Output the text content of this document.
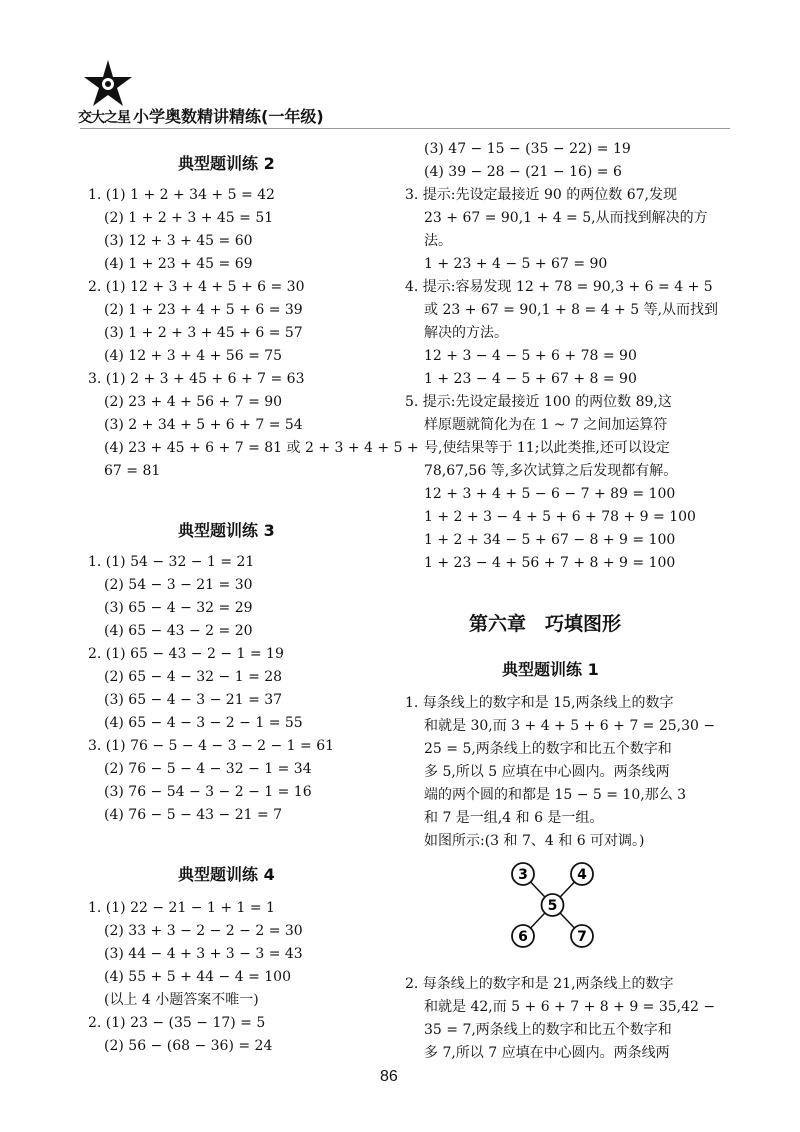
交大之星 小学奥数精讲精练(一年级)
典型题训练 2
1. (1) 1 + 2 + 34 + 5 = 42
(2) 1 + 2 + 3 + 45 = 51
(3) 12 + 3 + 45 = 60
(4) 1 + 23 + 45 = 69
2. (1) 12 + 3 + 4 + 5 + 6 = 30
(2) 1 + 23 + 4 + 5 + 6 = 39
(3) 1 + 2 + 3 + 45 + 6 = 57
(4) 12 + 3 + 4 + 56 = 75
3. (1) 2 + 3 + 45 + 6 + 7 = 63
(2) 23 + 4 + 56 + 7 = 90
(3) 2 + 34 + 5 + 6 + 7 = 54
(4) 23 + 45 + 6 + 7 = 81 或 2 + 3 + 4 + 5 +
67 = 81
典型题训练 3
1. (1) 54 − 32 − 1 = 21
(2) 54 − 3 − 21 = 30
(3) 65 − 4 − 32 = 29
(4) 65 − 43 − 2 = 20
2. (1) 65 − 43 − 2 − 1 = 19
(2) 65 − 4 − 32 − 1 = 28
(3) 65 − 4 − 3 − 21 = 37
(4) 65 − 4 − 3 − 2 − 1 = 55
3. (1) 76 − 5 − 4 − 3 − 2 − 1 = 61
(2) 76 − 5 − 4 − 32 − 1 = 34
(3) 76 − 54 − 3 − 2 − 1 = 16
(4) 76 − 5 − 43 − 21 = 7
典型题训练 4
1. (1) 22 − 21 − 1 + 1 = 1
(2) 33 + 3 − 2 − 2 − 2 = 30
(3) 44 − 4 + 3 + 3 − 3 = 43
(4) 55 + 5 + 44 − 4 = 100
(以上 4 小题答案不唯一)
2. (1) 23 − (35 − 17) = 5
(2) 56 − (68 − 36) = 24
(3) 47 − 15 − (35 − 22) = 19
(4) 39 − 28 − (21 − 16) = 6
3. 提示:先设定最接近 90 的两位数 67,发现
23 + 67 = 90,1 + 4 = 5,从而找到解决的方
法。
1 + 23 + 4 − 5 + 67 = 90
4. 提示:容易发现 12 + 78 = 90,3 + 6 = 4 + 5
或 23 + 67 = 90,1 + 8 = 4 + 5 等,从而找到
解决的方法。
12 + 3 − 4 − 5 + 6 + 78 = 90
1 + 23 − 4 − 5 + 67 + 8 = 90
5. 提示:先设定最接近 100 的两位数 89,这
样原题就简化为在 1 ~ 7 之间加运算符
号,使结果等于 11;以此类推,还可以设定
78,67,56 等,多次试算之后发现都有解。
12 + 3 + 4 + 5 − 6 − 7 + 89 = 100
1 + 2 + 3 − 4 + 5 + 6 + 78 + 9 = 100
1 + 2 + 34 − 5 + 67 − 8 + 9 = 100
1 + 23 − 4 + 56 + 7 + 8 + 9 = 100
第六章　巧填图形
典型题训练 1
1. 每条线上的数字和是 15,两条线上的数字
和就是 30,而 3 + 4 + 5 + 6 + 7 = 25,30 −
25 = 5,两条线上的数字和比五个数字和
多 5,所以 5 应填在中心圆内。两条线两
端的两个圆的和都是 15 − 5 = 10,那么 3
和 7 是一组,4 和 6 是一组。
如图所示:(3 和 7、4 和 6 可对调。)
3	4
5
6	7
2. 每条线上的数字和是 21,两条线上的数字
和就是 42,而 5 + 6 + 7 + 8 + 9 = 35,42 −
35 = 7,两条线上的数字和比五个数字和
多 7,所以 7 应填在中心圆内。两条线两
86
